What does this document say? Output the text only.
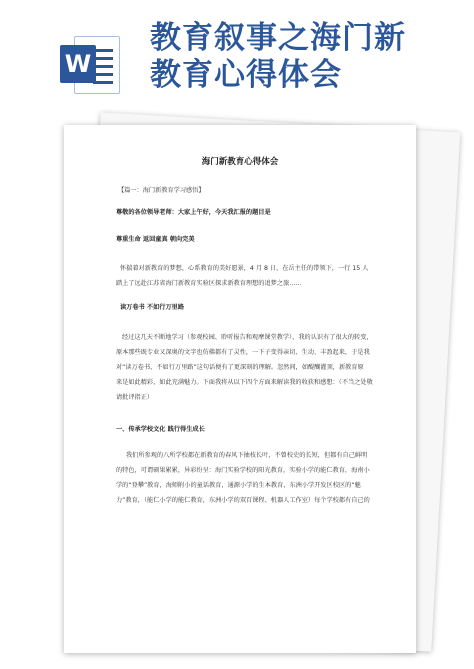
W
教育叙事之海门新
教育心得体会
海门新教育心得体会
【篇一：海门新教育学习感悟】
尊敬的各位领导老师：大家上午好，今天我汇报的题目是
尊重生命 返回童真 朝向完美
怀揣着对新教育的梦想，心系教育的美好愿景，4 月 8 日，在岳主任的带领下，一行 15 人
踏上了远赴江苏省海门新教育实验区探求新教育理想的追梦之旅……
读万卷书 不如行万里路
经过这几天不断地学习（参观校园、聆听报告和观摩课堂教学），我的认识有了很大的转变，
原本那些既专业又深奥的文字也仿佛都有了灵性，一下子变得亲切、生动、丰盈起来，于是我
对“读万卷书，不如行万里路”这句话便有了更深刻的理解。忽然间，如醍醐灌顶，新教育原
来是如此精彩，如此充满魅力。下面我将从以下四个方面来解读我的收获和感想：（不当之处敬
请批评指正）
一、传承学校文化 践行得生成长
我们所参观的八所学校都在新教育的春风下抽枝长叶，不曾校史的长短，但都有自己鲜明
的特色，可谓硕果累累，异彩纷呈：海门实验学校的阳光教育，实验小学的能仁教育，海南小
学的“登攀”教育，海师附小的童话教育，通源小学的生本教育，东洲小学开发区校区的“魅
力”教育，（能仁小学的能仁教育，东洲小学的双百课程、机器人工作室）每个学校都有自己的
